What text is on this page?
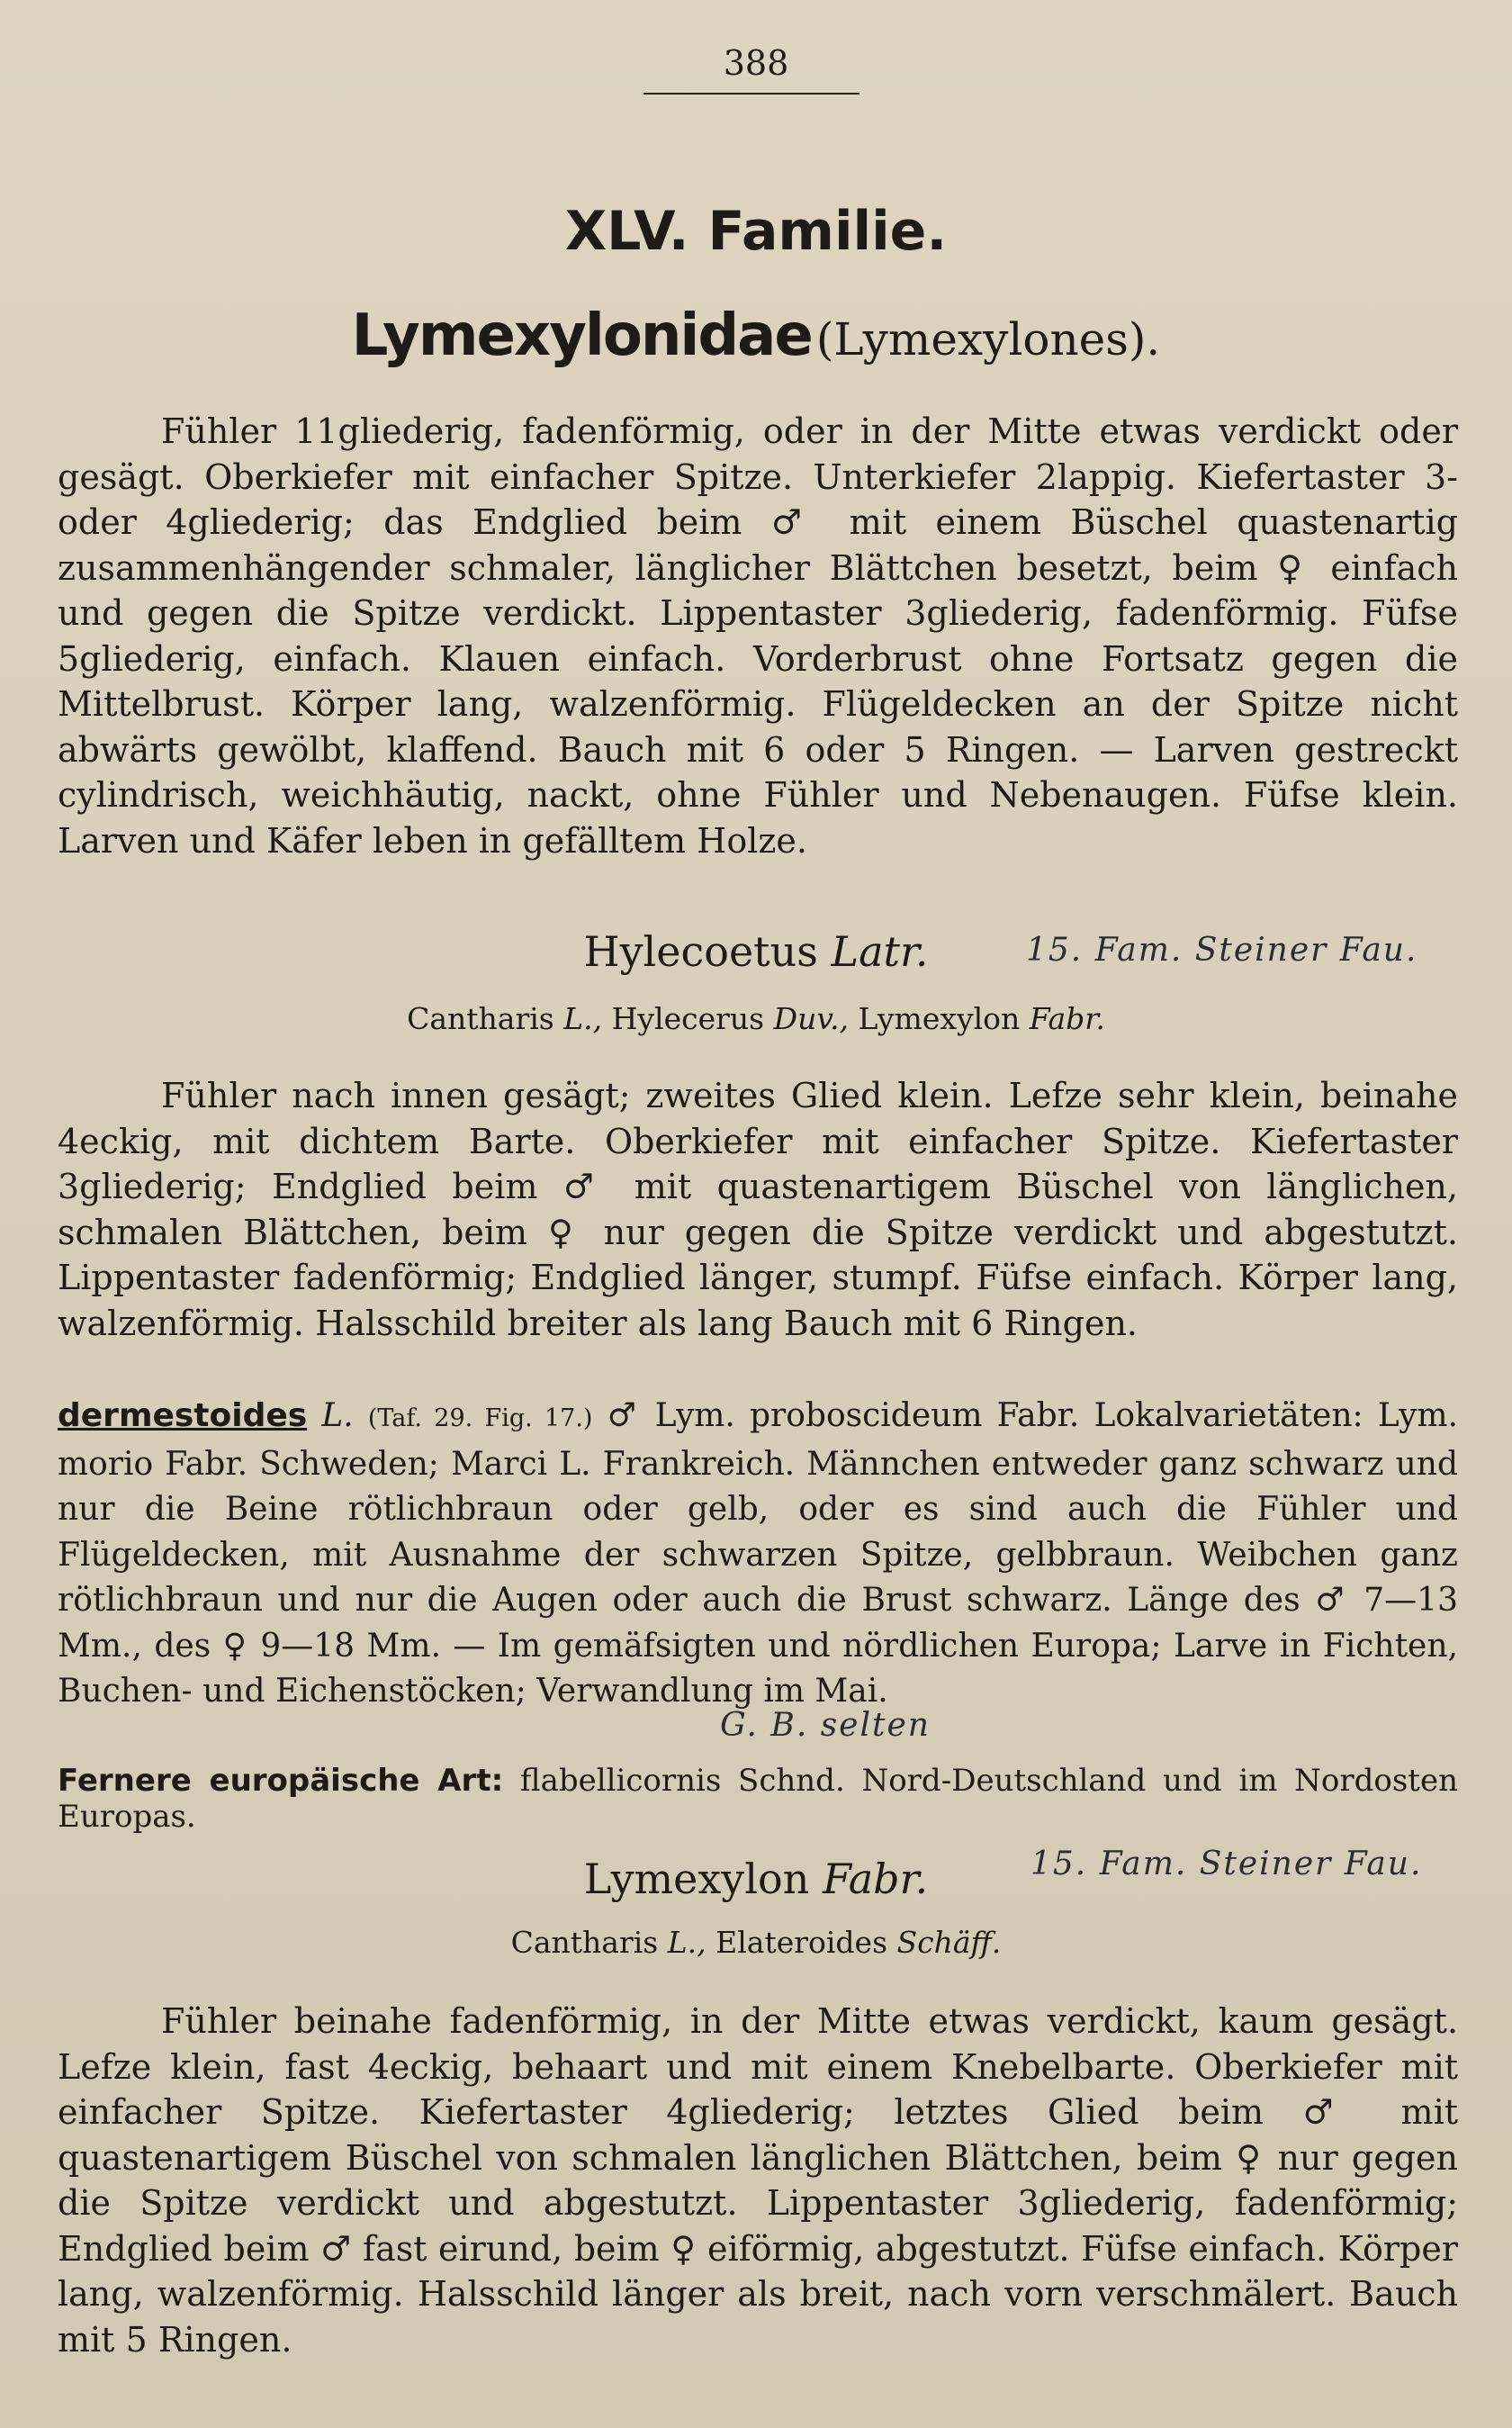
388
XLV. Familie.
Lymexylonidae (Lymexylones).

Fühler 11gliederig, fadenförmig, oder in der Mitte etwas verdickt oder gesägt. Oberkiefer mit einfacher Spitze. Unterkiefer 2lappig. Kiefertaster 3- oder 4gliederig; das Endglied beim ♂ mit einem Büschel quastenartig zusammenhängender schmaler, länglicher Blättchen besetzt, beim ♀ einfach und gegen die Spitze verdickt. Lippentaster 3gliederig, fadenförmig. Füfse 5gliederig, einfach. Klauen einfach. Vorderbrust ohne Fortsatz gegen die Mittelbrust. Körper lang, walzenförmig. Flügeldecken an der Spitze nicht abwärts gewölbt, klaffend. Bauch mit 6 oder 5 Ringen. — Larven gestreckt cylindrisch, weichhäutig, nackt, ohne Fühler und Nebenaugen. Füfse klein. Larven und Käfer leben in gefälltem Holze.

Hylecoetus Latr.	15. Fam. Steiner Fau.
Cantharis L., Hylecerus Duv., Lymexylon Fabr.

Fühler nach innen gesägt; zweites Glied klein. Lefze sehr klein, beinahe 4eckig, mit dichtem Barte. Oberkiefer mit einfacher Spitze. Kiefertaster 3gliederig; Endglied beim ♂ mit quastenartigem Büschel von länglichen, schmalen Blättchen, beim ♀ nur gegen die Spitze verdickt und abgestutzt. Lippentaster fadenförmig; Endglied länger, stumpf. Füfse einfach. Körper lang, walzenförmig. Halsschild breiter als lang Bauch mit 6 Ringen.

dermestoides L. (Taf. 29. Fig. 17.) ♂ Lym. proboscideum Fabr. Lokalvarietäten: Lym. morio Fabr. Schweden; Marci L. Frankreich. Männchen entweder ganz schwarz und nur die Beine rötlichbraun oder gelb, oder es sind auch die Fühler und Flügeldecken, mit Ausnahme der schwarzen Spitze, gelbbraun. Weibchen ganz rötlichbraun und nur die Augen oder auch die Brust schwarz. Länge des ♂ 7—13 Mm., des ♀ 9—18 Mm. — Im gemäfsigten und nördlichen Europa; Larve in Fichten, Buchen- und Eichenstöcken; Verwandlung im Mai.

G. B. selten

Fernere europäische Art: flabellicornis Schnd. Nord-Deutschland und im Nordosten Europas.

Lymexylon Fabr.	15. Fam. Steiner Fau.
Cantharis L., Elateroides Schäff.

Fühler beinahe fadenförmig, in der Mitte etwas verdickt, kaum gesägt. Lefze klein, fast 4eckig, behaart und mit einem Knebelbarte. Oberkiefer mit einfacher Spitze. Kiefertaster 4gliederig; letztes Glied beim ♂ mit quastenartigem Büschel von schmalen länglichen Blättchen, beim ♀ nur gegen die Spitze verdickt und abgestutzt. Lippentaster 3gliederig, fadenförmig; Endglied beim ♂ fast eirund, beim ♀ eiförmig, abgestutzt. Füfse einfach. Körper lang, walzenförmig. Halsschild länger als breit, nach vorn verschmälert. Bauch mit 5 Ringen.
